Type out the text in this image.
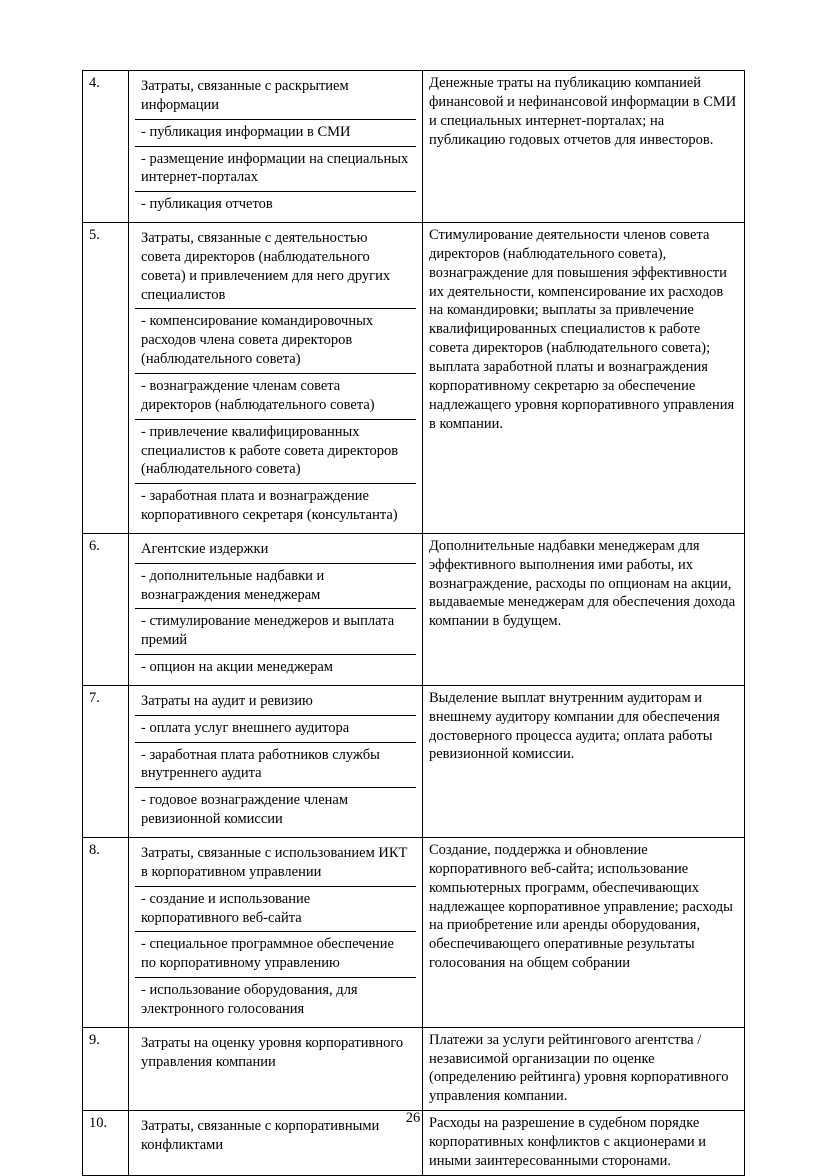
4.	Затраты, связанные с раскрытием информации
- публикация информации в СМИ
- размещение информации на специальных интернет-порталах
- публикация отчетов
	Денежные траты на публикацию компанией финансовой и нефинансовой информации в СМИ и специальных интернет-порталах; на публикацию годовых отчетов для инвесторов.
5.	Затраты, связанные с деятельностью совета директоров (наблюдательного совета) и привлечением для него других специалистов
- компенсирование командировочных расходов члена совета директоров (наблюдательного совета)
- вознаграждение членам совета директоров (наблюдательного совета)
- привлечение квалифицированных специалистов к работе совета директоров (наблюдательного совета)
- заработная плата и вознаграждение корпоративного секретаря (консультанта)
	Стимулирование деятельности членов совета директоров (наблюдательного совета), вознаграждение для повышения эффективности их деятельности, компенсирование их расходов на командировки; выплаты за привлечение квалифицированных специалистов к работе совета директоров (наблюдательного совета); выплата заработной платы и вознаграждения корпоративному секретарю за обеспечение надлежащего уровня корпоративного управления в компании.
6.	Агентские издержки
- дополнительные надбавки и вознаграждения менеджерам
- стимулирование менеджеров и выплата премий
- опцион на акции менеджерам
	Дополнительные надбавки менеджерам для эффективного выполнения ими работы, их вознаграждение, расходы по опционам на акции, выдаваемые менеджерам для обеспечения дохода компании в будущем.
7.	Затраты на аудит и ревизию
- оплата услуг внешнего аудитора
- заработная плата работников службы внутреннего аудита
- годовое вознаграждение членам ревизионной комиссии
	Выделение выплат внутренним аудиторам и внешнему аудитору компании для обеспечения достоверного процесса аудита; оплата работы ревизионной комиссии.
8.	Затраты, связанные с использованием ИКТ в корпоративном управлении
- создание и использование корпоративного веб-сайта
- специальное программное обеспечение по корпоративному управлению
- использование оборудования, для электронного голосования
	Создание, поддержка и обновление корпоративного веб-сайта; использование компьютерных программ, обеспечивающих надлежащее корпоративное управление; расходы на приобретение или аренды оборудования, обеспечивающего оперативные результаты голосования на общем собрании
9.	Затраты на оценку уровня корпоративного управления компании	Платежи за услуги рейтингового агентства / независимой организации по оценке (определению рейтинга) уровня корпоративного управления компании.
10.	Затраты, связанные с корпоративными конфликтами	Расходы на разрешение в судебном порядке корпоративных конфликтов с акционерами и иными заинтересованными сторонами.
26
